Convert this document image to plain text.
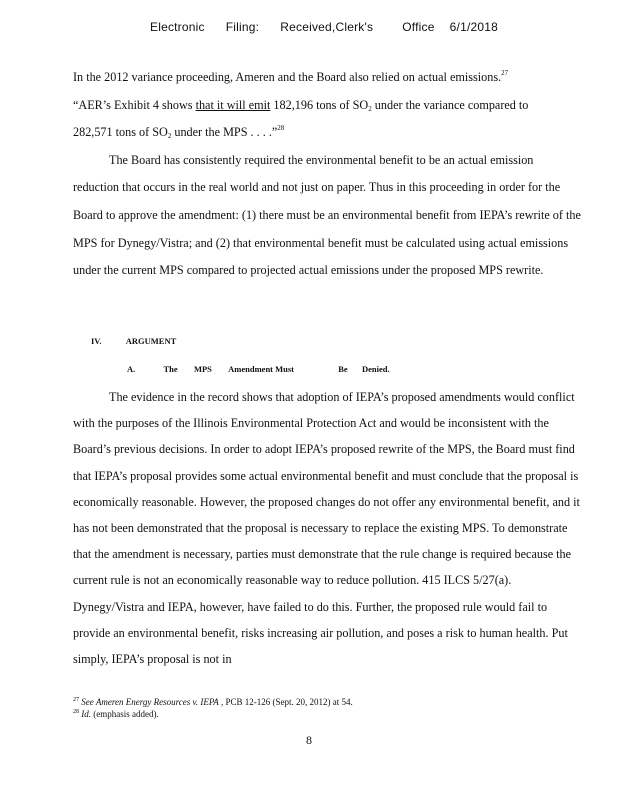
Electronic Filing: Received,Clerk's Office 6/1/2018

In the 2012 variance proceeding, Ameren and the Board also relied on actual emissions.$^{27}$
“AER’s Exhibit 4 shows that it will emit 182,196 tons of $SO_2$ under the variance compared to
282,571 tons of $SO_2$ under the MPS . . . .”$^{28}$

The Board has consistently required the environmental benefit to be an actual emission reduction that occurs in the real world and not just on paper. Thus in this proceeding in order for the Board to approve the amendment: (1) there must be an environmental benefit from IEPA’s rewrite of the MPS for Dynegy/Vistra; and (2) that environmental benefit must be calculated using actual emissions under the current MPS compared to projected actual emissions under the proposed MPS rewrite.

IV.	ARGUMENT
A.	The MPS Amendment Must	Be Denied.

The evidence in the record shows that adoption of IEPA’s proposed amendments would conflict with the purposes of the Illinois Environmental Protection Act and would be inconsistent with the Board’s previous decisions. In order to adopt IEPA’s proposed rewrite of the MPS, the Board must find that IEPA’s proposal provides some actual environmental benefit and must conclude that the proposal is economically reasonable. However, the proposed changes do not offer any environmental benefit, and it has not been demonstrated that the proposal is necessary to replace the existing MPS. To demonstrate that the amendment is necessary, parties must demonstrate that the rule change is required because the current rule is not an economically reasonable way to reduce pollution. 415 ILCS 5/27(a). Dynegy/Vistra and IEPA, however, have failed to do this. Further, the proposed rule would fail to provide an environmental benefit, risks increasing air pollution, and poses a risk to human health. Put simply, IEPA’s proposal is not in

$^{27}$ See Ameren Energy Resources v. IEPA , PCB 12-126 (Sept. 20, 2012) at 54.

$^{28}$ Id. (emphasis added).

8
